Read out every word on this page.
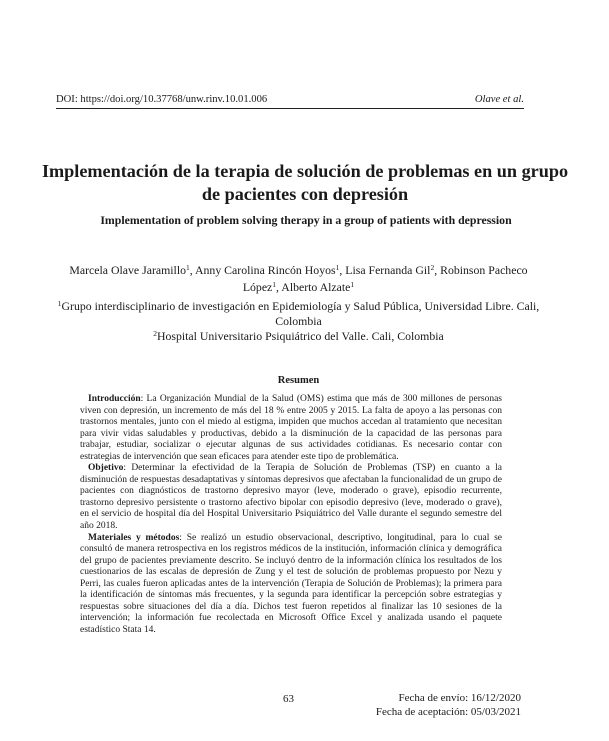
DOI: https://doi.org/10.37768/unw.rinv.10.01.006	Olave et al.
Implementación de la terapia de solución de problemas en un grupo de pacientes con depresión
Implementation of problem solving therapy in a group of patients with depression
Marcela Olave Jaramillo$^1$, Anny Carolina Rincón Hoyos$^1$, Lisa Fernanda Gil$^2$, Robinson Pacheco López$^1$, Alberto Alzate$^1$

$^1$Grupo interdisciplinario de investigación en Epidemiología y Salud Pública, Universidad Libre. Cali, Colombia

$^2$Hospital Universitario Psiquiátrico del Valle. Cali, Colombia

Resumen

Introducción: La Organización Mundial de la Salud (OMS) estima que más de 300 millones de personas viven con depresión, un incremento de más del 18 % entre 2005 y 2015. La falta de apoyo a las personas con trastornos mentales, junto con el miedo al estigma, impiden que muchos accedan al tratamiento que necesitan para vivir vidas saludables y productivas, debido a la disminución de la capacidad de las personas para trabajar, estudiar, socializar o ejecutar algunas de sus actividades cotidianas. Es necesario contar con estrategias de intervención que sean eficaces para atender este tipo de problemática.

Objetivo: Determinar la efectividad de la Terapia de Solución de Problemas (TSP) en cuanto a la disminución de respuestas desadaptativas y síntomas depresivos que afectaban la funcionalidad de un grupo de pacientes con diagnósticos de trastorno depresivo mayor (leve, moderado o grave), episodio recurrente, trastorno depresivo persistente o trastorno afectivo bipolar con episodio depresivo (leve, moderado o grave), en el servicio de hospital día del Hospital Universitario Psiquiátrico del Valle durante el segundo semestre del año 2018.

Materiales y métodos: Se realizó un estudio observacional, descriptivo, longitudinal, para lo cual se consultó de manera retrospectiva en los registros médicos de la institución, información clínica y demográfica del grupo de pacientes previamente descrito. Se incluyó dentro de la información clínica los resultados de los cuestionarios de las escalas de depresión de Zung y el test de solución de problemas propuesto por Nezu y Perri, las cuales fueron aplicadas antes de la intervención (Terapia de Solución de Problemas); la primera para la identificación de síntomas más frecuentes, y la segunda para identificar la percepción sobre estrategias y respuestas sobre situaciones del día a día. Dichos test fueron repetidos al finalizar las 10 sesiones de la intervención; la información fue recolectada en Microsoft Office Excel y analizada usando el paquete estadístico Stata 14.

63	Fecha de envío: 16/12/2020
Fecha de aceptación: 05/03/2021
